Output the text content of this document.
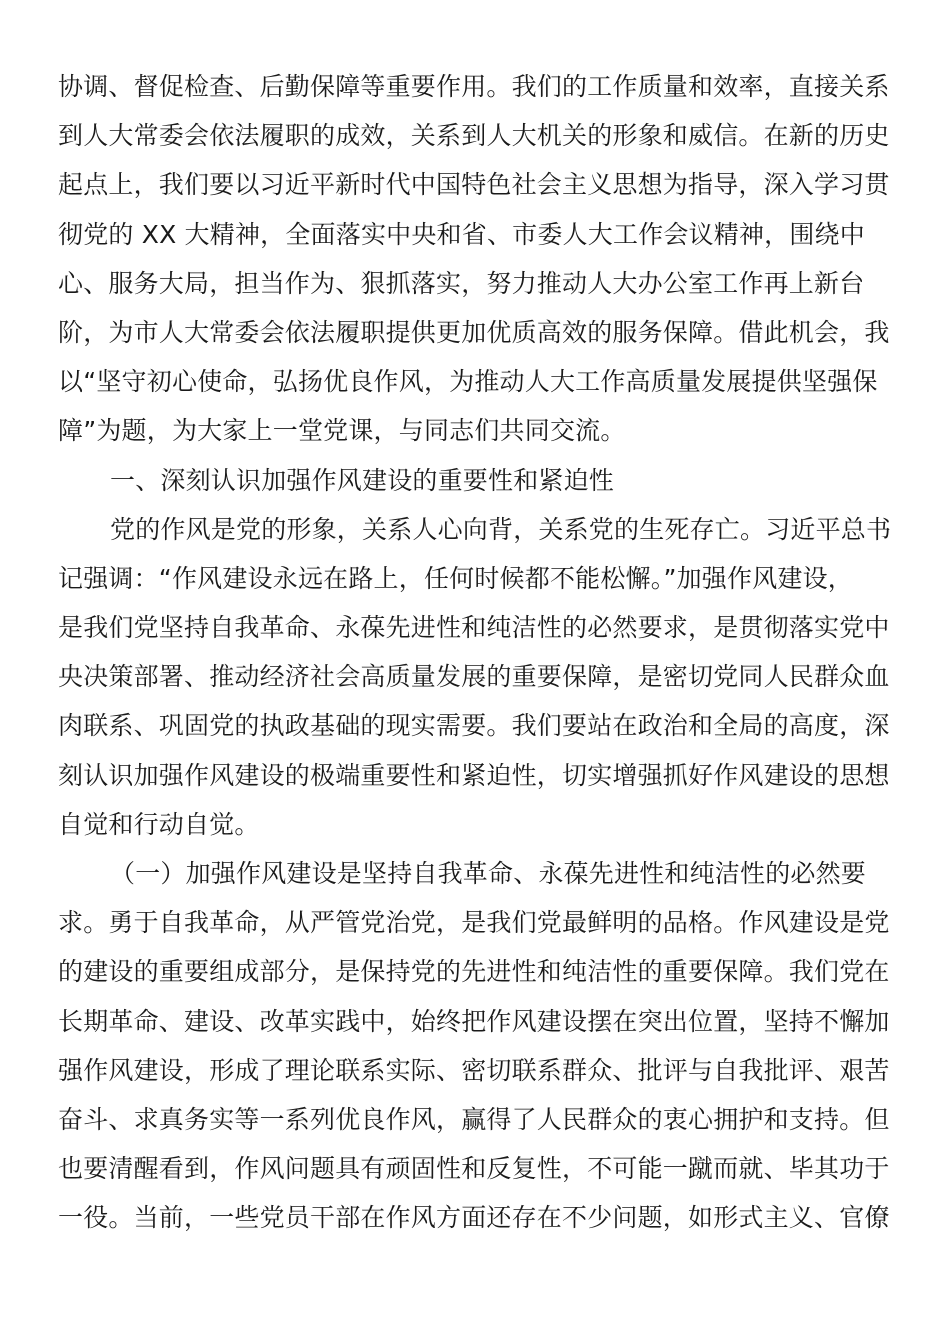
协调、督促检查、后勤保障等重要作用。我们的工作质量和效率，直接关系
到人大常委会依法履职的成效，关系到人大机关的形象和威信。在新的历史
起点上，我们要以习近平新时代中国特色社会主义思想为指导，深入学习贯
彻党的 XX 大精神，全面落实中央和省、市委人大工作会议精神，围绕中
心、服务大局，担当作为、狠抓落实，努力推动人大办公室工作再上新台
阶，为市人大常委会依法履职提供更加优质高效的服务保障。借此机会，我
以“坚守初心使命，弘扬优良作风，为推动人大工作高质量发展提供坚强保
障”为题，为大家上一堂党课，与同志们共同交流。
一、深刻认识加强作风建设的重要性和紧迫性
党的作风是党的形象，关系人心向背，关系党的生死存亡。习近平总书
记强调：“作风建设永远在路上，任何时候都不能松懈。”加强作风建设，
是我们党坚持自我革命、永葆先进性和纯洁性的必然要求，是贯彻落实党中
央决策部署、推动经济社会高质量发展的重要保障，是密切党同人民群众血
肉联系、巩固党的执政基础的现实需要。我们要站在政治和全局的高度，深
刻认识加强作风建设的极端重要性和紧迫性，切实增强抓好作风建设的思想
自觉和行动自觉。
（一）加强作风建设是坚持自我革命、永葆先进性和纯洁性的必然要
求。勇于自我革命，从严管党治党，是我们党最鲜明的品格。作风建设是党
的建设的重要组成部分，是保持党的先进性和纯洁性的重要保障。我们党在
长期革命、建设、改革实践中，始终把作风建设摆在突出位置，坚持不懈加
强作风建设，形成了理论联系实际、密切联系群众、批评与自我批评、艰苦
奋斗、求真务实等一系列优良作风，赢得了人民群众的衷心拥护和支持。但
也要清醒看到，作风问题具有顽固性和反复性，不可能一蹴而就、毕其功于
一役。当前，一些党员干部在作风方面还存在不少问题，如形式主义、官僚
